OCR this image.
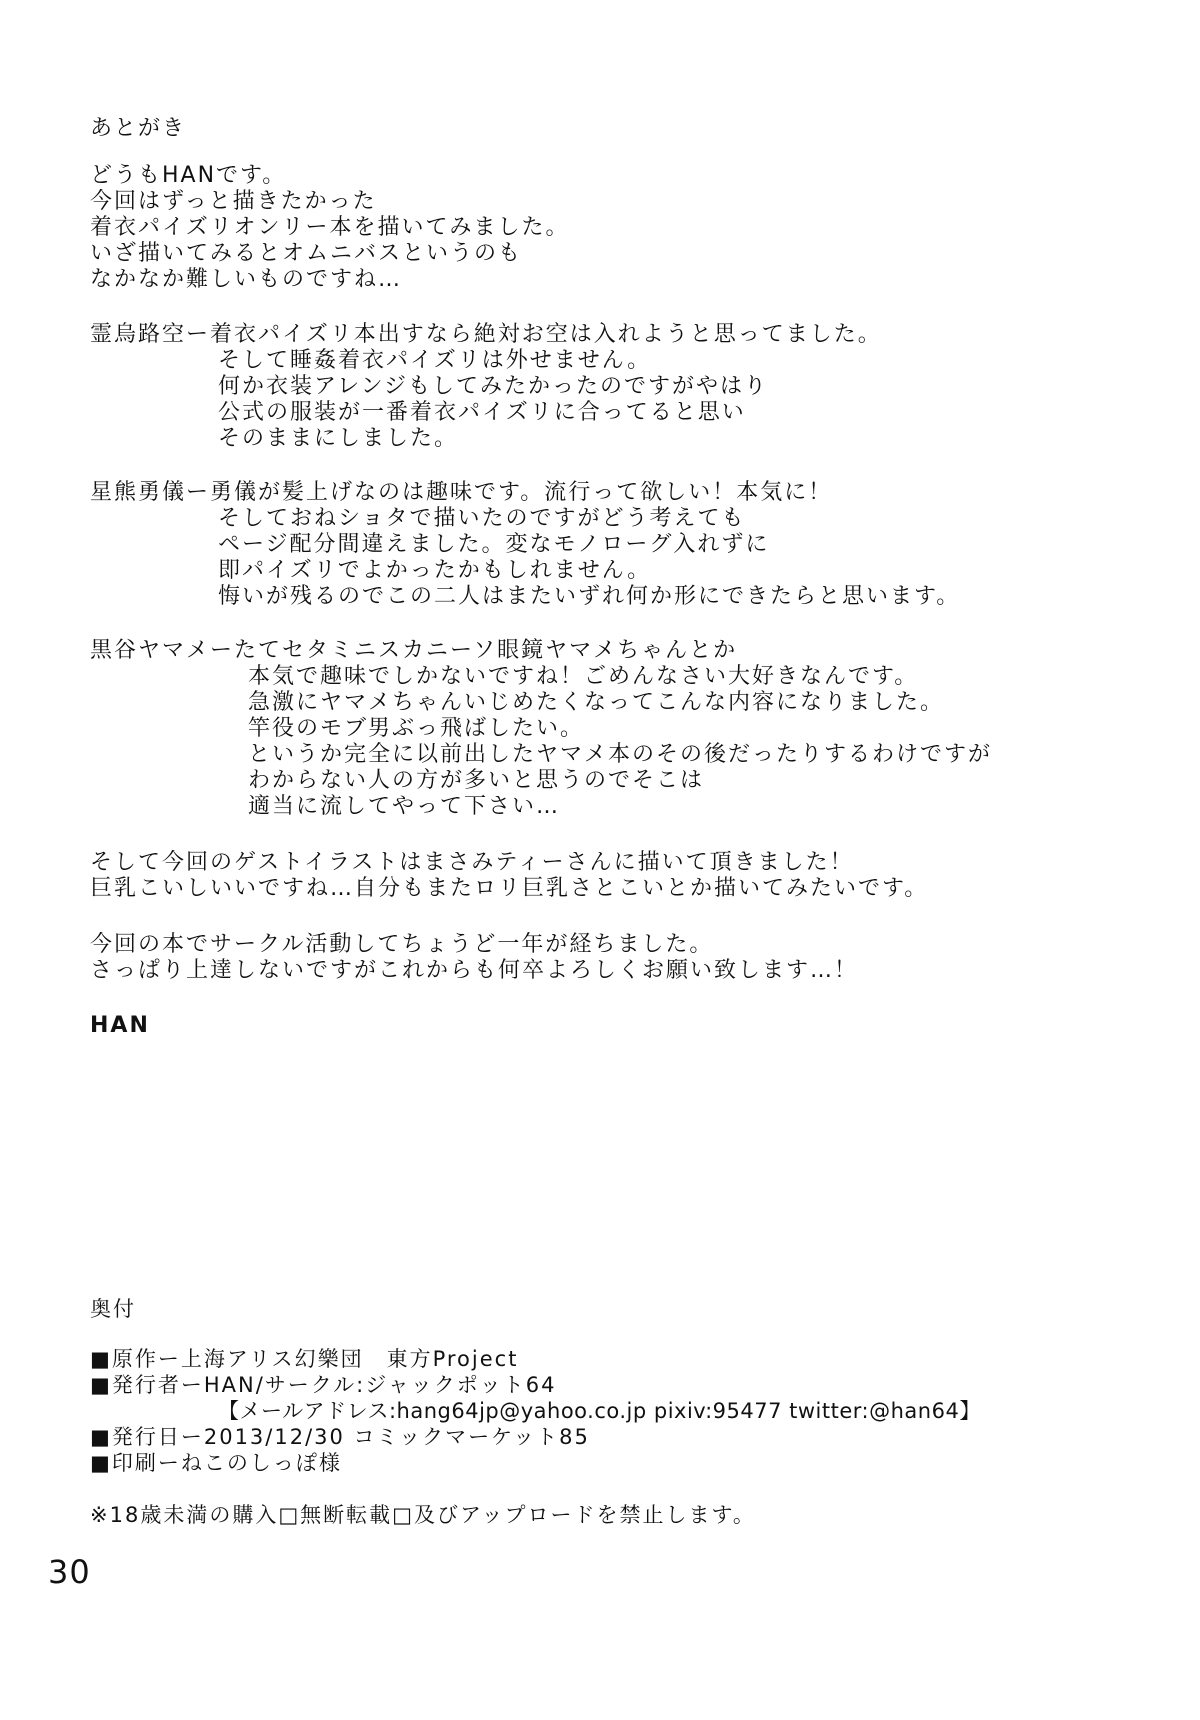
あとがき
どうもHANです。
今回はずっと描きたかった
着衣パイズリオンリー本を描いてみました。
いざ描いてみるとオムニバスというのも
なかなか難しいものですね…
霊烏路空ー着衣パイズリ本出すなら絶対お空は入れようと思ってました。
そして睡姦着衣パイズリは外せません。
何か衣装アレンジもしてみたかったのですがやはり
公式の服装が一番着衣パイズリに合ってると思い
そのままにしました。
星熊勇儀ー勇儀が髪上げなのは趣味です。流行って欲しい！本気に！
そしておねショタで描いたのですがどう考えても
ページ配分間違えました。変なモノローグ入れずに
即パイズリでよかったかもしれません。
悔いが残るのでこの二人はまたいずれ何か形にできたらと思います。
黒谷ヤマメーたてセタミニスカニーソ眼鏡ヤマメちゃんとか
本気で趣味でしかないですね！ごめんなさい大好きなんです。
急激にヤマメちゃんいじめたくなってこんな内容になりました。
竿役のモブ男ぶっ飛ばしたい。
というか完全に以前出したヤマメ本のその後だったりするわけですが
わからない人の方が多いと思うのでそこは
適当に流してやって下さい…
そして今回のゲストイラストはまさみティーさんに描いて頂きました！
巨乳こいしいいですね…自分もまたロリ巨乳さとこいとか描いてみたいです。
今回の本でサークル活動してちょうど一年が経ちました。
さっぱり上達しないですがこれからも何卒よろしくお願い致します…！
HAN
奥付
■原作ー上海アリス幻樂団　東方Project
■発行者ーHAN/サークル:ジャックポット64
【メールアドレス:hang64jp@yahoo.co.jp pixiv:95477 twitter:@han64】
■発行日ー2013/12/30 コミックマーケット85
■印刷ーねこのしっぽ様
※18歳未満の購入□無断転載□及びアップロードを禁止します。
30
